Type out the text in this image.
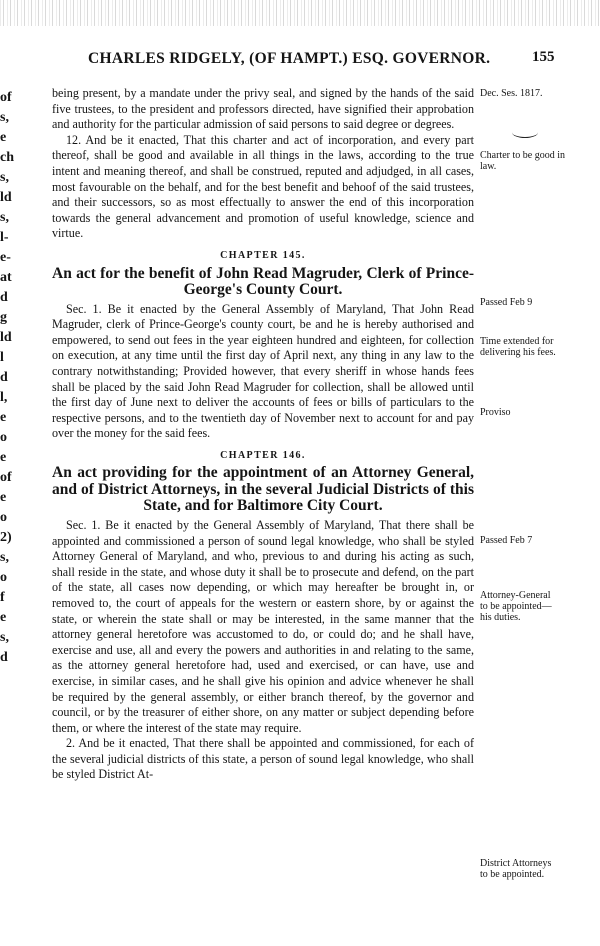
CHARLES RIDGELY, (OF HAMPT.) ESQ. GOVERNOR.	155
of
s,
e
ch
s,
ld
s,
l-
e-
at
d
g
ld
l
d
l,
e
o
e
of
e
o
2)
s,
o
f
e
s,
d

being present, by a mandate under the privy seal, and signed by the hands of the said five trustees, to the president and professors directed, have signified their approbation and authority for the particular admission of said persons to said degree or degrees.

12. And be it enacted, That this charter and act of incorporation, and every part thereof, shall be good and available in all things in the laws, according to the true intent and meaning thereof, and shall be construed, reputed and adjudged, in all cases, most favourable on the behalf, and for the best benefit and behoof of the said trustees, and their successors, so as most effectually to answer the end of this incorporation towards the general advancement and promotion of useful knowledge, science and virtue.

CHAPTER 145.
An act for the benefit of John Read Magruder, Clerk of Prince-George's County Court.

Sec. 1. Be it enacted by the General Assembly of Maryland, That John Read Magruder, clerk of Prince-George's county court, be and he is hereby authorised and empowered, to send out fees in the year eighteen hundred and eighteen, for collection on execution, at any time until the first day of April next, any thing in any law to the contrary notwithstanding; Provided however, that every sheriff in whose hands fees shall be placed by the said John Read Magruder for collection, shall be allowed until the first day of June next to deliver the accounts of fees or bills of particulars to the respective persons, and to the twentieth day of November next to account for and pay over the money for the said fees.

CHAPTER 146.
An act providing for the appointment of an Attorney General, and of District Attorneys, in the several Judicial Districts of this State, and for Baltimore City Court.

Sec. 1. Be it enacted by the General Assembly of Maryland, That there shall be appointed and commissioned a person of sound legal knowledge, who shall be styled Attorney General of Maryland, and who, previous to and during his acting as such, shall reside in the state, and whose duty it shall be to prosecute and defend, on the part of the state, all cases now depending, or which may hereafter be brought in, or removed to, the court of appeals for the western or eastern shore, by or against the state, or wherein the state shall or may be interested, in the same manner that the attorney general heretofore was accustomed to do, or could do; and he shall have, exercise and use, all and every the powers and authorities in and relating to the same, as the attorney general heretofore had, used and exercised, or can have, use and exercise, in similar cases, and he shall give his opinion and advice whenever he shall be required by the general assembly, or either branch thereof, by the governor and council, or by the treasurer of either shore, on any matter or subject depending before them, or where the interest of the state may require.

2. And be it enacted, That there shall be appointed and commissioned, for each of the several judicial districts of this state, a person of sound legal knowledge, who shall be styled District At-

Dec. Ses. 1817.
Charter to be good in law.
Passed Feb 9
Time extended for delivering his fees.
Proviso
Passed Feb 7
Attorney-General to be appointed—his duties.
District Attorneys to be appointed.
